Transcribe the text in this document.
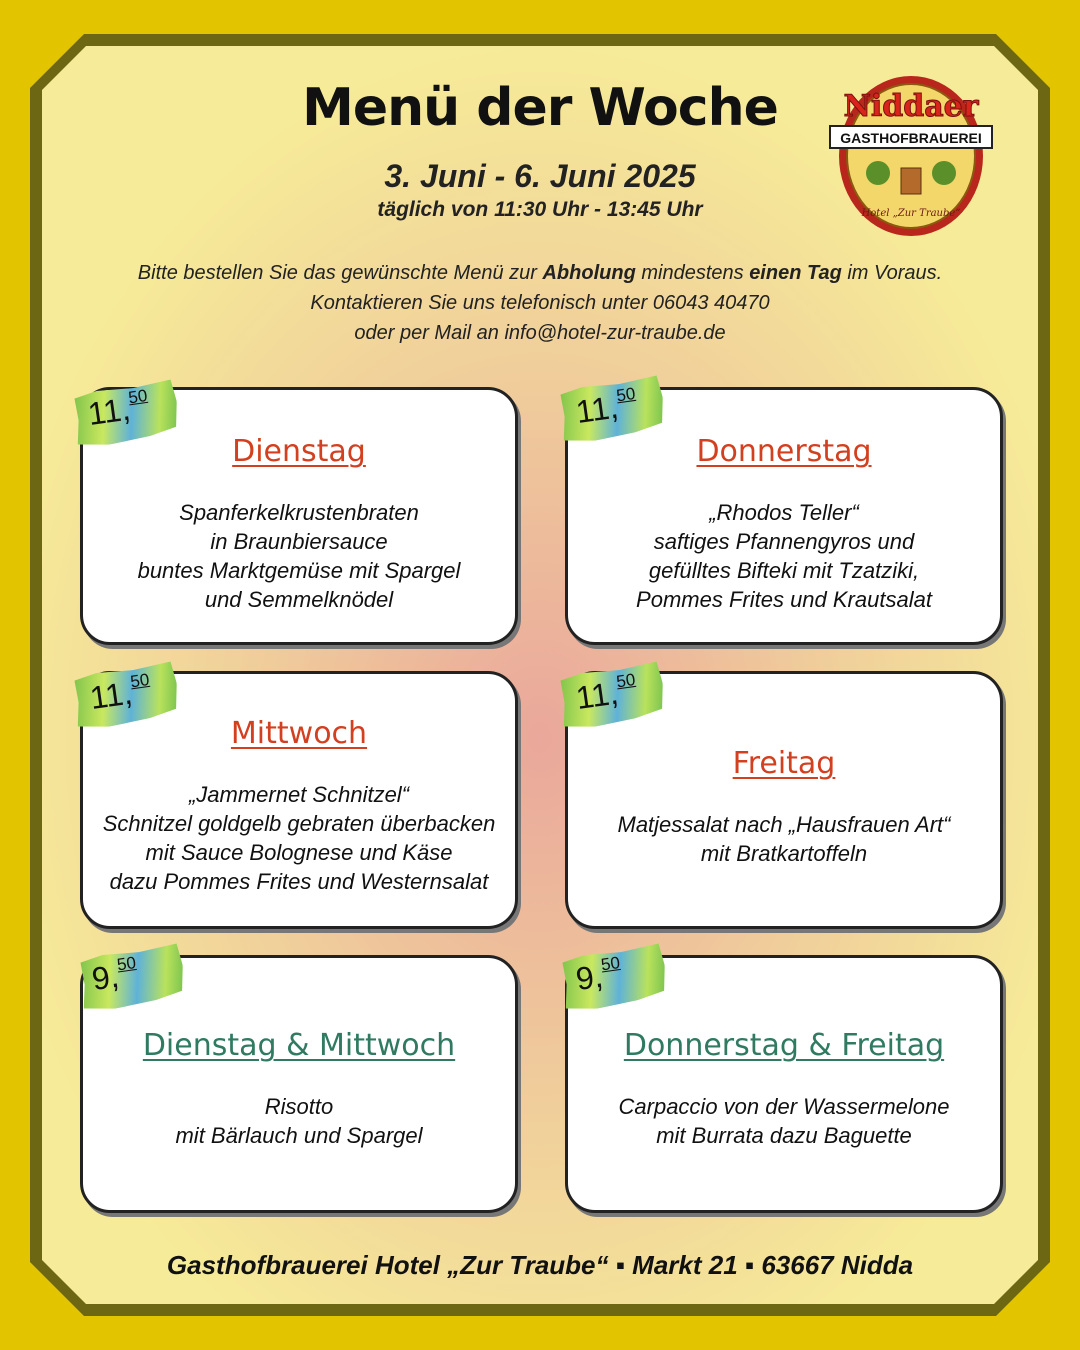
Menü der Woche
3. Juni - 6. Juni 2025
täglich von 11:30 Uhr - 13:45 Uhr
Niddaer
GASTHOFBRAUEREI
Hotel „Zur Traube“
Bitte bestellen Sie das gewünschte Menü zur Abholung mindestens einen Tag im Voraus.
Kontaktieren Sie uns telefonisch unter 06043 40470
oder per Mail an info@hotel-zur-traube.de
Dienstag
Spanferkelkrustenbraten
in Braunbiersauce
buntes Marktgemüse mit Spargel
und Semmelknödel
11,50
Donnerstag
„Rhodos Teller“
saftiges Pfannengyros und
gefülltes Bifteki mit Tzatziki,
Pommes Frites und Krautsalat
11,50
Mittwoch
„Jammernet Schnitzel“
Schnitzel goldgelb gebraten überbacken
mit Sauce Bolognese und Käse
dazu Pommes Frites und Westernsalat
11,50
Freitag
Matjessalat nach „Hausfrauen Art“
mit Bratkartoffeln
11,50
Dienstag & Mittwoch
Risotto
mit Bärlauch und Spargel
9,50
Donnerstag & Freitag
Carpaccio von der Wassermelone
mit Burrata dazu Baguette
9,50
Gasthofbrauerei Hotel „Zur Traube“ ▪ Markt 21 ▪ 63667 Nidda
